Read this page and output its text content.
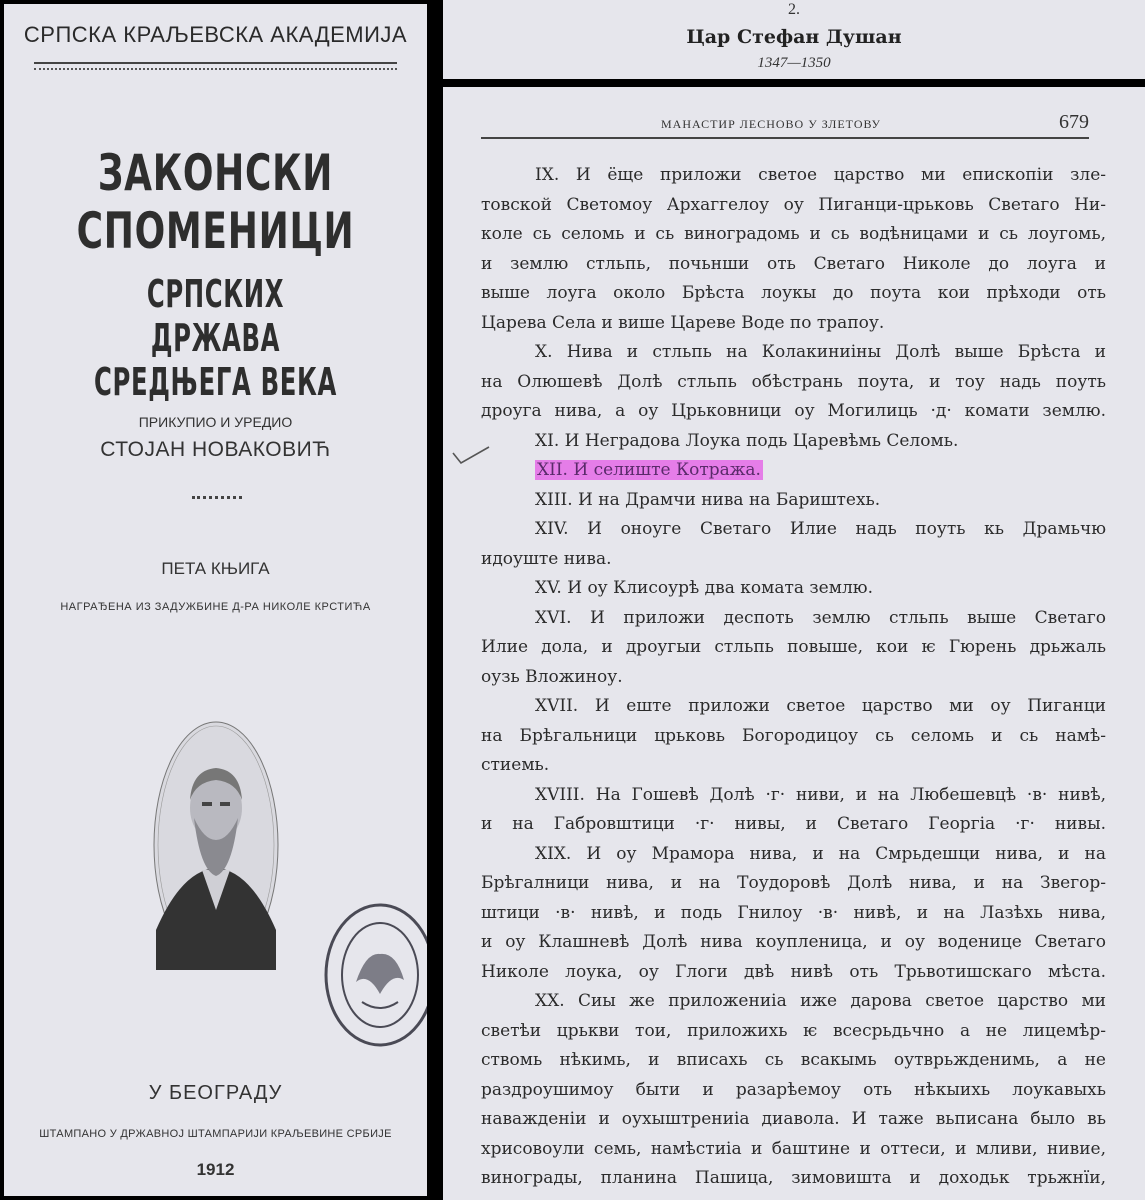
СРПСКА КРАЉЕВСКА АКАДЕМИЈА
ЗАКОНСКИ СПОМЕНИЦИ
СРПСКИХ ДРЖАВА СРЕДЊЕГА ВЕКА
ПРИКУПИО И УРЕДИО
СТОЈАН НОВАКОВИЋ
ПЕТА КЊИГА
НАГРАЂЕНА ИЗ ЗАДУЖБИНЕ Д-РА НИКОЛЕ КРСТИЋА
У БЕОГРАДУ
ШТАМПАНО У ДРЖАВНОЈ ШТАМПАРИЈИ КРАЉЕВИНЕ СРБИЈЕ
1912
2.
Цар Стефан Душан
1347—1350
МАНАСТИР ЛЕСНОВО У ЗЛЕТОВУ	679
IX. И ёще приложи светое царство ми епископіи зле-
товской Светомоу Архаггелоу оу Пиганци-црьковь Светаго Ни-
коле сь селомь и сь виноградомь и сь водѣницами и сь лоугомь,
и землю стльпь, почьнши оть Светаго Николе до лоуга и
выше лоуга около Брѣста лоукы до поута кои прѣходи оть
Царева Села и више Цареве Воде по трапоу.
X. Нива и стльпь на Колакиниіны Долѣ выше Брѣста и
на Олюшевѣ Долѣ стльпь обѣстрань поута, и тоу надь поуть
дроуга нива, а оу Црьковници оу Могилиць ·д· комати землю.
XI. И Неградова Лоука подь Царевѣмь Селомь.
XII. И селиште Котража.
XIII. И на Драмчи нива на Бариштехь.
XIV. И оноуге Светаго Илие надь поуть кь Драмьчю
идоуште нива.
XV. И оу Клисоурѣ два комата землю.
XVI. И приложи деспоть землю стльпь выше Светаго
Илие дола, и дроугыи стльпь повыше, кои ѥ Гюрень дрьжаль
оузь Вложиноу.
XVII. И еште приложи светое царство ми оу Пиганци
на Брѣгальници црьковь Богородицоу сь селомь и сь намѣ-
стиемь.
XVIII. На Гошевѣ Долѣ ·г· ниви, и на Любешевцѣ ·в· нивѣ,
и на Габровштици ·г· нивы, и Светаго Георгіа ·г· нивы.
XIX. И оу Мрамора нива, и на Смрьдешци нива, и на
Брѣгалници нива, и на Тоудоровѣ Долѣ нива, и на Звегор-
штици ·в· нивѣ, и подь Гнилоу ·в· нивѣ, и на Лазѣхь нива,
и оу Клашневѣ Долѣ нива коупленица, и оу воденице Светаго
Николе лоука, оу Глоги двѣ нивѣ оть Трьвотишскаго мѣста.
XX. Сиы же приложениіа иже дарова светое царство ми
светѣи црькви тои, приложихь ѥ всесрьдьчно а не лицемѣр-
ствомь нѣкимь, и вписахь сь всакымь оутврьжденимь, а не
раздроушимоу быти и разарѣемоу оть нѣкыихь лоукавыхь
наважденіи и оухыштрениіа диавола. И таже вьписана было вь
хрисовоули семь, намѣстиіа и баштине и оттеси, и мливи, нивие,
винограды, планина Пашица, зимовишта и доходьк трьжнїи,
